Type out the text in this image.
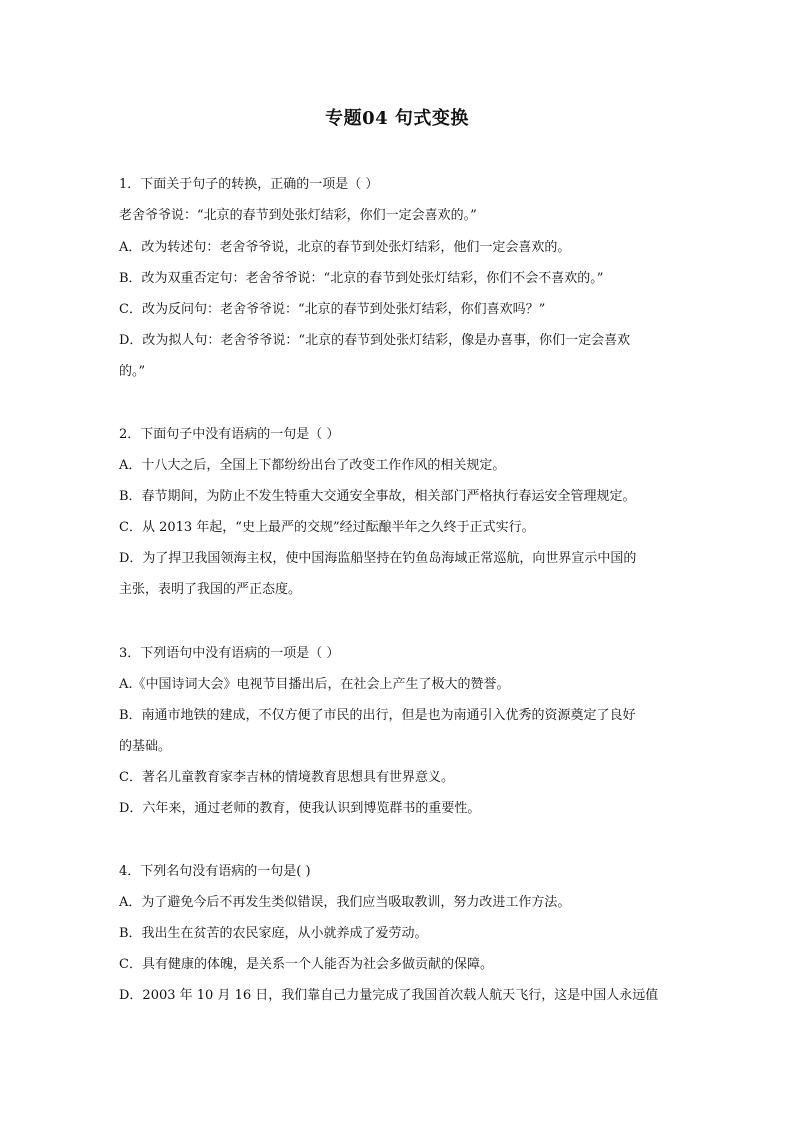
专题04 句式变换
1．下面关于句子的转换，正确的一项是（ ）
老舍爷爷说：“北京的春节到处张灯结彩，你们一定会喜欢的。”
A．改为转述句：老舍爷爷说，北京的春节到处张灯结彩，他们一定会喜欢的。
B．改为双重否定句：老舍爷爷说：“北京的春节到处张灯结彩，你们不会不喜欢的。”
C．改为反问句：老舍爷爷说：“北京的春节到处张灯结彩，你们喜欢吗？”
D．改为拟人句：老舍爷爷说：“北京的春节到处张灯结彩，像是办喜事，你们一定会喜欢
的。”
2．下面句子中没有语病的一句是（ ）
A．十八大之后，全国上下都纷纷出台了改变工作作风的相关规定。
B．春节期间，为防止不发生特重大交通安全事故，相关部门严格执行春运安全管理规定。
C．从 2013 年起，“史上最严的交规”经过酝酿半年之久终于正式实行。
D．为了捍卫我国领海主权，使中国海监船坚持在钓鱼岛海域正常巡航，向世界宣示中国的
主张，表明了我国的严正态度。
3．下列语句中没有语病的一项是（ ）
A.《中国诗词大会》电视节目播出后，在社会上产生了极大的赞誉。
B．南通市地铁的建成，不仅方便了市民的出行，但是也为南通引入优秀的资源奠定了良好
的基础。
C．著名儿童教育家李吉林的情境教育思想具有世界意义。
D．六年来，通过老师的教育，使我认识到博览群书的重要性。
4．下列名句没有语病的一句是( )
A．为了避免今后不再发生类似错误，我们应当吸取教训，努力改进工作方法。
B．我出生在贫苦的农民家庭，从小就养成了爱劳动。
C．具有健康的体魄，是关系一个人能否为社会多做贡献的保障。
D．2003 年 10 月 16 日，我们靠自己力量完成了我国首次载人航天飞行，这是中国人永远值
